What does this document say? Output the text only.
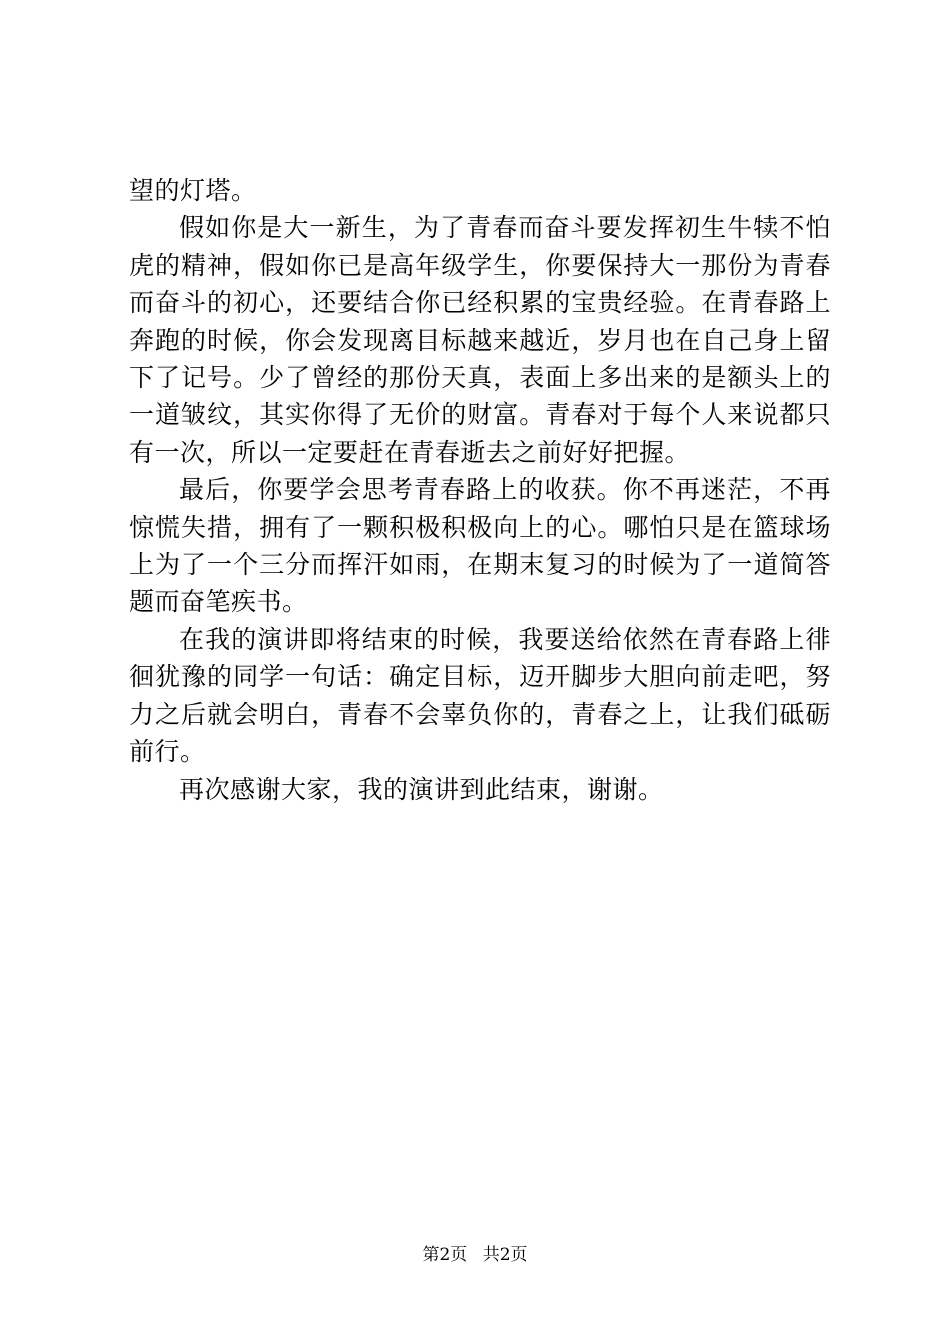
望的灯塔。

假如你是大一新生，为了青春而奋斗要发挥初生牛犊不怕虎的精神，假如你已是高年级学生，你要保持大一那份为青春而奋斗的初心，还要结合你已经积累的宝贵经验。在青春路上奔跑的时候，你会发现离目标越来越近，岁月也在自己身上留下了记号。少了曾经的那份天真，表面上多出来的是额头上的一道皱纹，其实你得了无价的财富。青春对于每个人来说都只有一次，所以一定要赶在青春逝去之前好好把握。

最后，你要学会思考青春路上的收获。你不再迷茫，不再惊慌失措，拥有了一颗积极积极向上的心。哪怕只是在篮球场上为了一个三分而挥汗如雨，在期末复习的时候为了一道简答题而奋笔疾书。

在我的演讲即将结束的时候，我要送给依然在青春路上徘徊犹豫的同学一句话：确定目标，迈开脚步大胆向前走吧，努力之后就会明白，青春不会辜负你的，青春之上，让我们砥砺前行。

再次感谢大家，我的演讲到此结束，谢谢。

第2页 共2页
